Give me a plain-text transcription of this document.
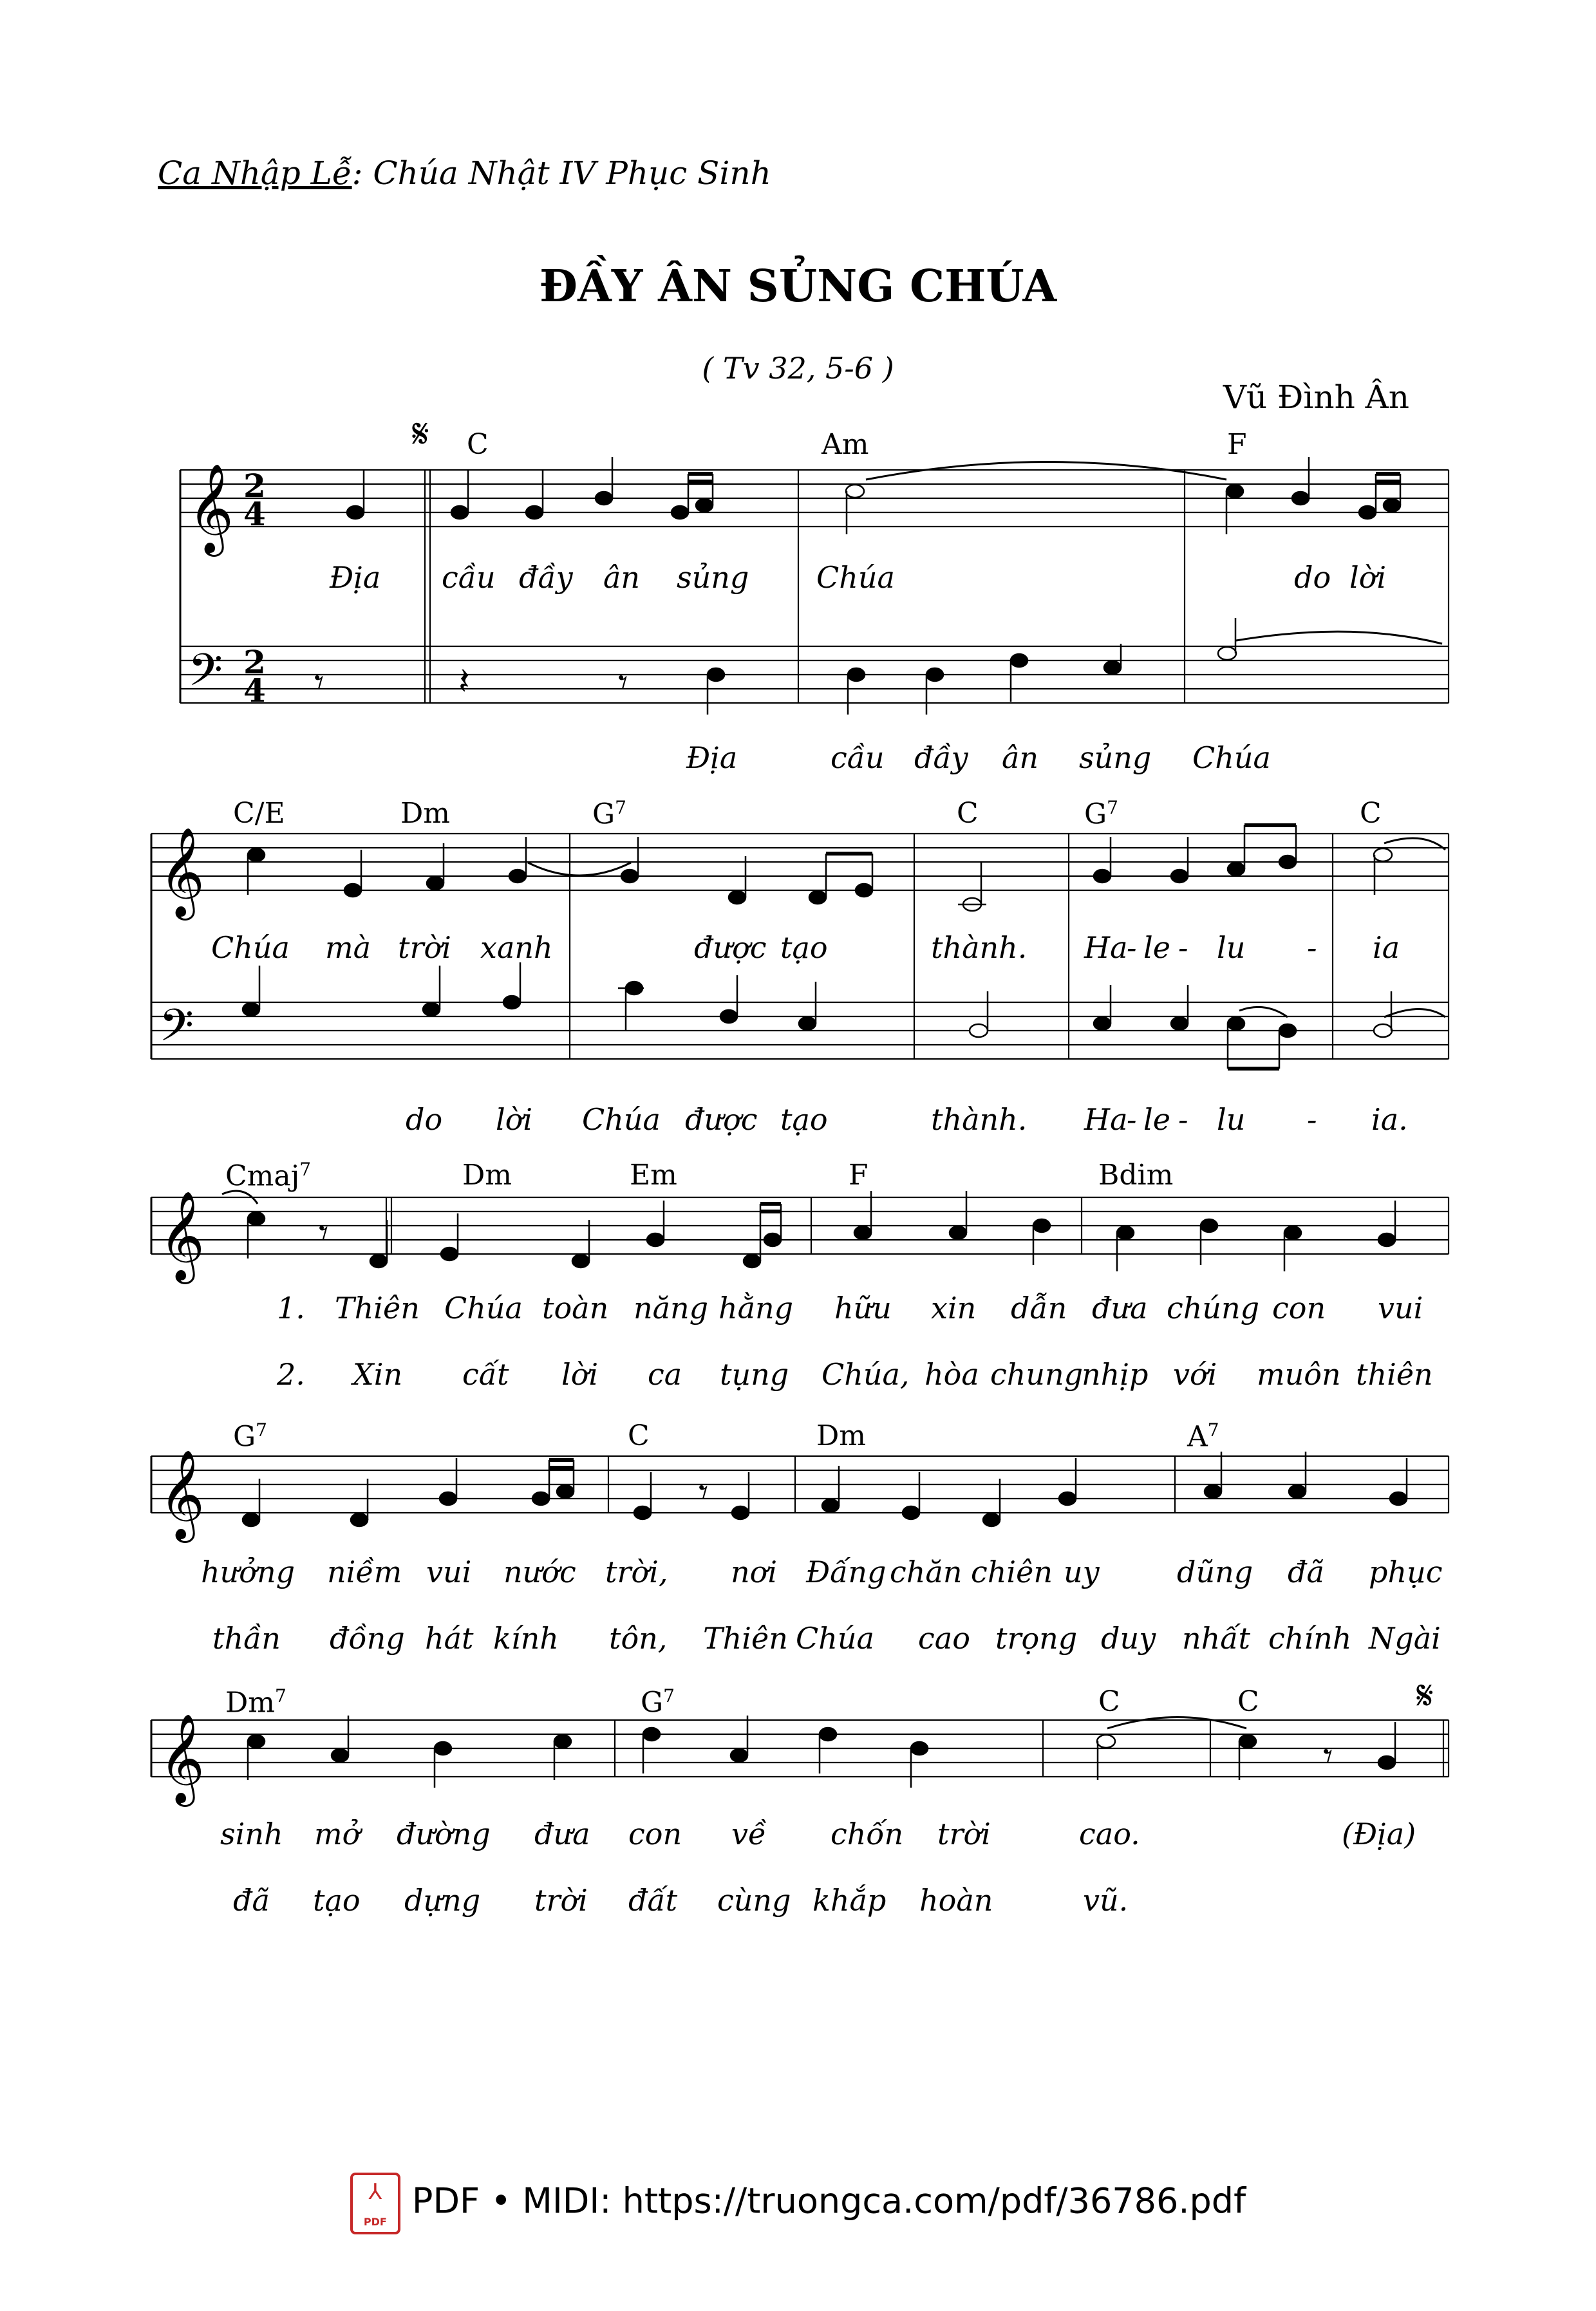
Ca Nhập Lễ: Chúa Nhật IV Phục Sinh
ĐẦY ÂN SỦNG CHÚA
( Tv 32, 5-6 )
Vũ Đình Ân
𝄞
𝄢
𝄞
𝄢
𝄞
𝄞
𝄞
2
4
2
4
𝄋
𝄋
𝄾	𝄽	𝄾
𝄾
𝄾
𝄾
C	Am	F
Địa cầu đầy ân sủng Chúa	do lời
Địa	cầu đầy ân sủng Chúa
C/E	Dm	$G^7$	C	$G^7$	C
Chúa mà trời xanh	được tạo	thành. Ha
- le - lu - ia
do lời Chúa được tạo	thành. Ha
- le - lu - ia.
Cmaj$^7$	Dm	Em	F	Bdim
1. Thiên Chúa toàn năng hằng hữu xin dẫn đưa chúng con vui
2. Xin cất lời ca tụng Chúa, hòa chung
nhịp với muôn thiên
$G^7$	C	Dm	$A^7$
hưởng niềm vui nước trời, nơi Đấng chăn chiên uy	dũng đã phục
thần đồng hát kính tôn, Thiên Chúa cao trọng duy nhất chính Ngài
Dm$^7$	$G^7$	C	C
sinh mở đường đưa con về chốn trời	cao.	(Địa)
đã tạo dựng trời đất cùng khắp hoàn	vũ.
⅄
PDF
PDF • MIDI: https://truongca.com/pdf/36786.pdf
